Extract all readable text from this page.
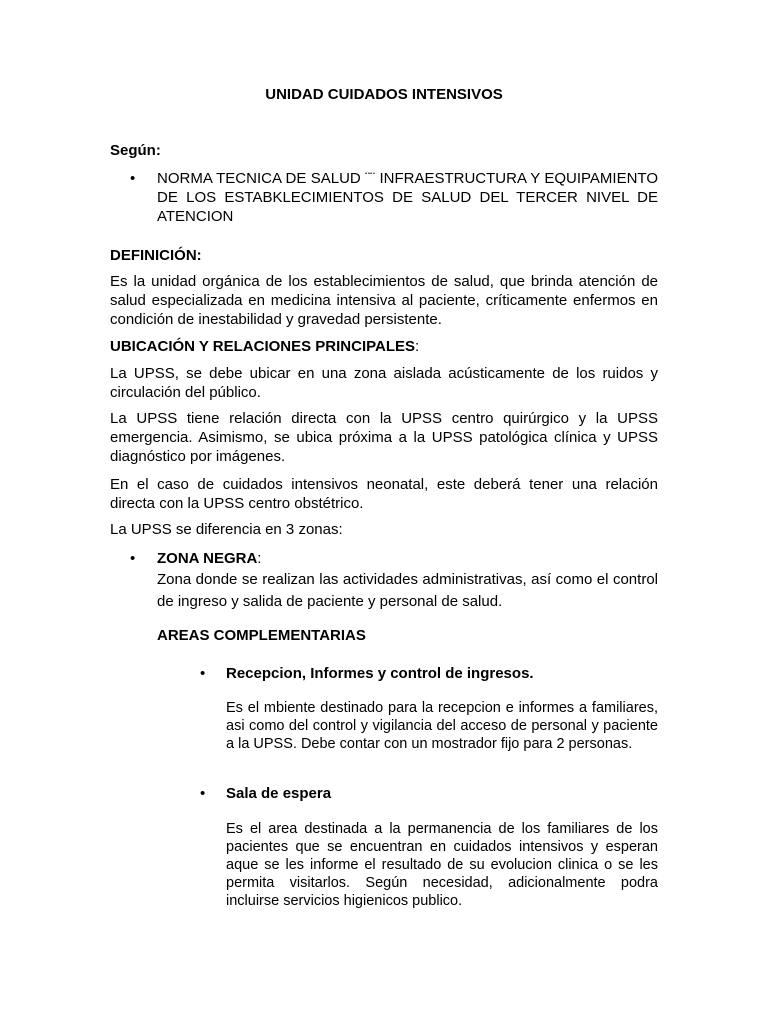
UNIDAD CUIDADOS INTENSIVOS

Según:

• NORMA TECNICA DE SALUD ¨¨ INFRAESTRUCTURA Y EQUIPAMIENTO DE LOS ESTABKLECIMIENTOS DE SALUD DEL TERCER NIVEL DE ATENCION

DEFINICIÓN:

Es la unidad orgánica de los establecimientos de salud, que brinda atención de salud especializada en medicina intensiva al paciente, críticamente enfermos en condición de inestabilidad y gravedad persistente.

UBICACIÓN Y RELACIONES PRINCIPALES:

La UPSS, se debe ubicar en una zona aislada acústicamente de los ruidos y circulación del público.

La UPSS tiene relación directa con la UPSS centro quirúrgico y la UPSS emergencia. Asimismo, se ubica próxima a la UPSS patológica clínica y UPSS diagnóstico por imágenes.

En el caso de cuidados intensivos neonatal, este deberá tener una relación directa con la UPSS centro obstétrico.

La UPSS se diferencia en 3 zonas:

• ZONA NEGRA:

Zona donde se realizan las actividades administrativas, así como el control de ingreso y salida de paciente y personal de salud.

AREAS COMPLEMENTARIAS

• Recepcion, Informes y control de ingresos.

Es el mbiente destinado para la recepcion e informes a familiares, asi como del control y vigilancia del acceso de personal y paciente a la UPSS. Debe contar con un mostrador fijo para 2 personas.

• Sala de espera

Es el area destinada a la permanencia de los familiares de los pacientes que se encuentran en cuidados intensivos y esperan aque se les informe el resultado de su evolucion clinica o se les permita visitarlos. Según necesidad, adicionalmente podra incluirse servicios higienicos publico.
